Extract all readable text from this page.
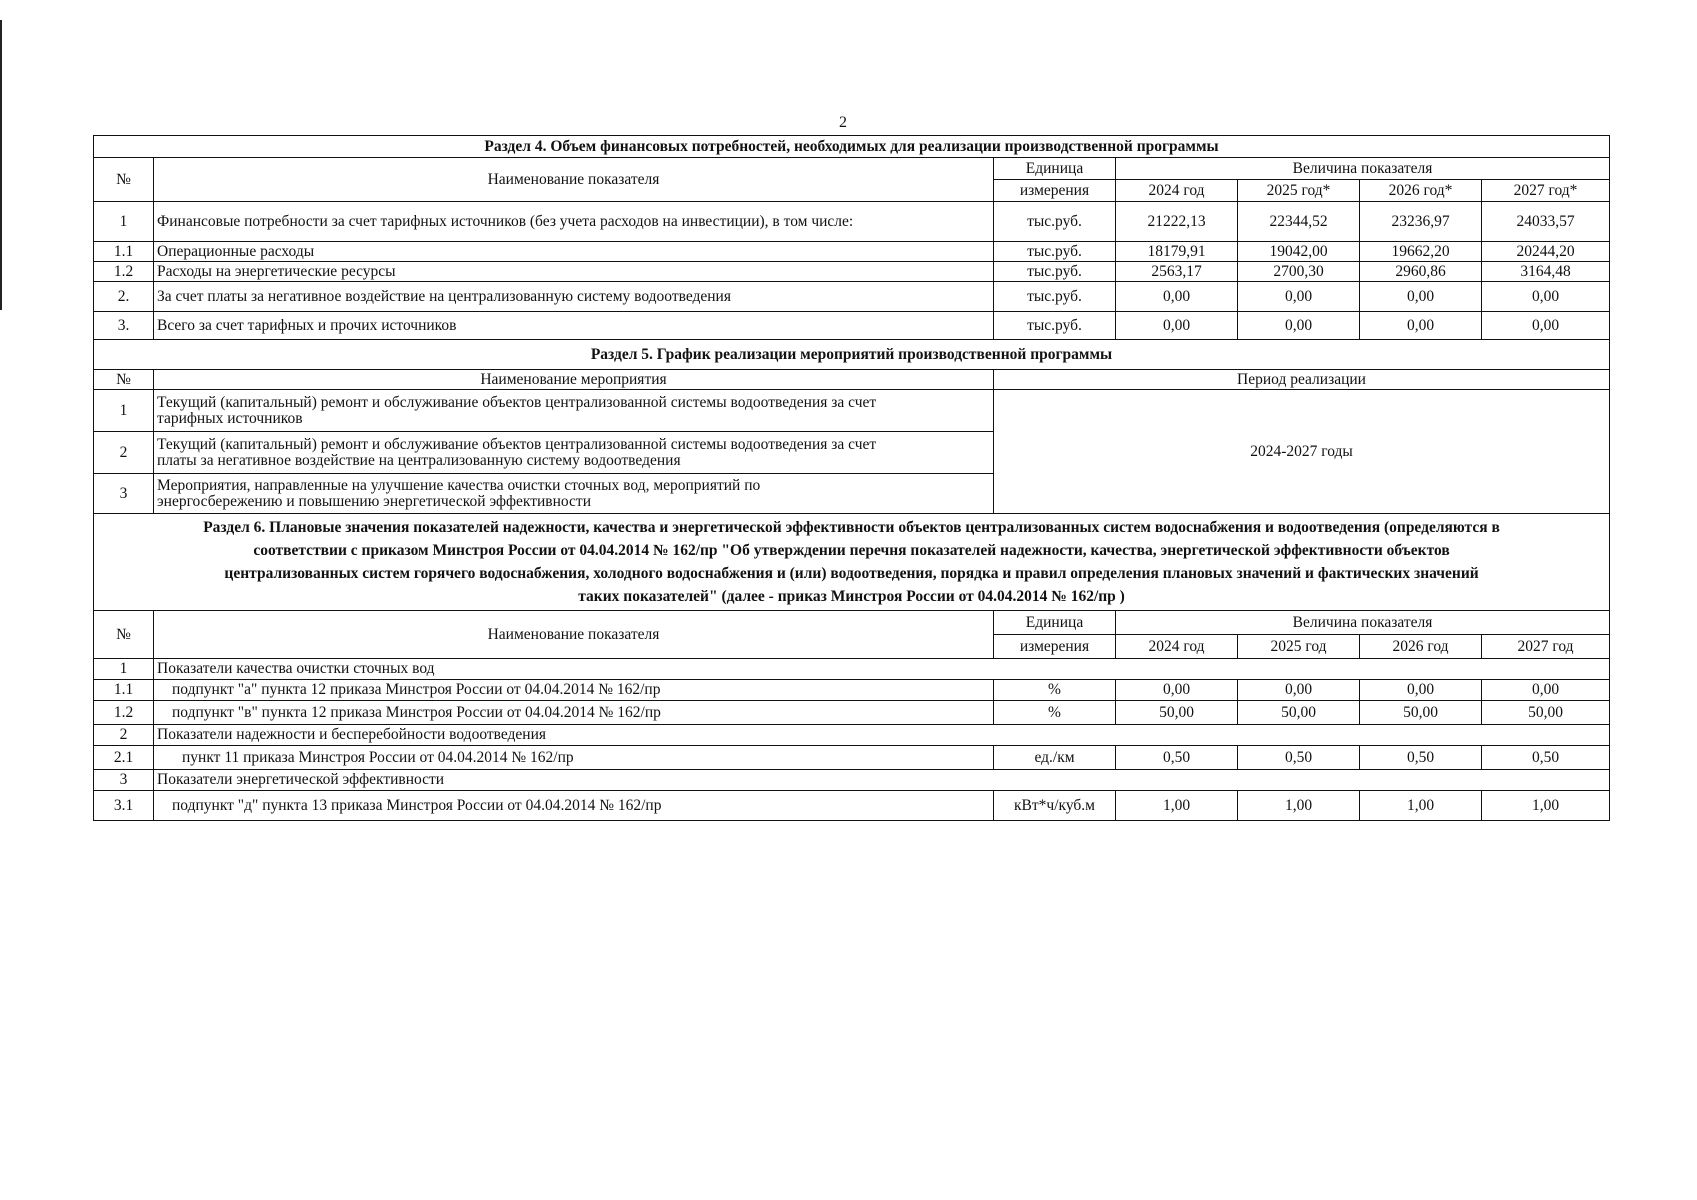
2
Раздел 4. Объем финансовых потребностей, необходимых для реализации производственной программы						
№	Наименование показателя	Единица	Величина показателя			
		измерения	2024 год	2025 год*	2026 год*	2027 год*
1	Финансовые потребности за счет тарифных источников (без учета расходов на инвестиции), в том числе:	тыс.руб.	21222,13	22344,52	23236,97	24033,57
1.1	Операционные расходы	тыс.руб.	18179,91	19042,00	19662,20	20244,20
1.2	Расходы на энергетические ресурсы	тыс.руб.	2563,17	2700,30	2960,86	3164,48
2.	За счет платы за негативное воздействие на централизованную систему водоотведения	тыс.руб.	0,00	0,00	0,00	0,00
3.	Всего за счет тарифных и прочих источников	тыс.руб.	0,00	0,00	0,00	0,00
Раздел 5. График реализации мероприятий производственной программы		
№	Наименование мероприятия	Период реализации
1	Текущий (капитальный) ремонт и обслуживание объектов централизованной системы водоотведения за счет
тарифных источников	2024-2027 годы
2	Текущий (капитальный) ремонт и обслуживание объектов централизованной системы водоотведения за счет
платы за негативное воздействие на централизованную систему водоотведения	

3	Мероприятия, направленные на улучшение качества очистки сточных вод, мероприятий по
энергосбережению и повышению энергетической эффективности	
Раздел 6. Плановые значения показателей надежности, качества и энергетической эффективности объектов централизованных систем водоснабжения и водоотведения (определяются в
соответствии с приказом Минстроя России от 04.04.2014 № 162/пр "Об утверждении перечня показателей надежности, качества, энергетической эффективности объектов
централизованных систем горячего водоснабжения, холодного водоснабжения и (или) водоотведения, порядка и правил определения плановых значений и фактических значений
таких показателей" (далее - приказ Минстроя России от 04.04.2014 № 162/пр )						

№	Наименование показателя	Единица	Величина показателя			
		измерения	2024 год	2025 год	2026 год	2027 год
1	Показатели качества очистки сточных вод					
1.1	подпункт "а" пункта 12 приказа Минстроя России от 04.04.2014 № 162/пр	%	0,00	0,00	0,00	0,00
1.2	подпункт "в" пункта 12 приказа Минстроя России от 04.04.2014 № 162/пр	%	50,00	50,00	50,00	50,00
2	Показатели надежности и бесперебойности водоотведения					
2.1	пункт 11 приказа Минстроя России от 04.04.2014 № 162/пр	ед./км	0,50	0,50	0,50	0,50
3	Показатели энергетической эффективности					
3.1	подпункт "д" пункта 13 приказа Минстроя России от 04.04.2014 № 162/пр	кВт*ч/куб.м	1,00	1,00	1,00	1,00
